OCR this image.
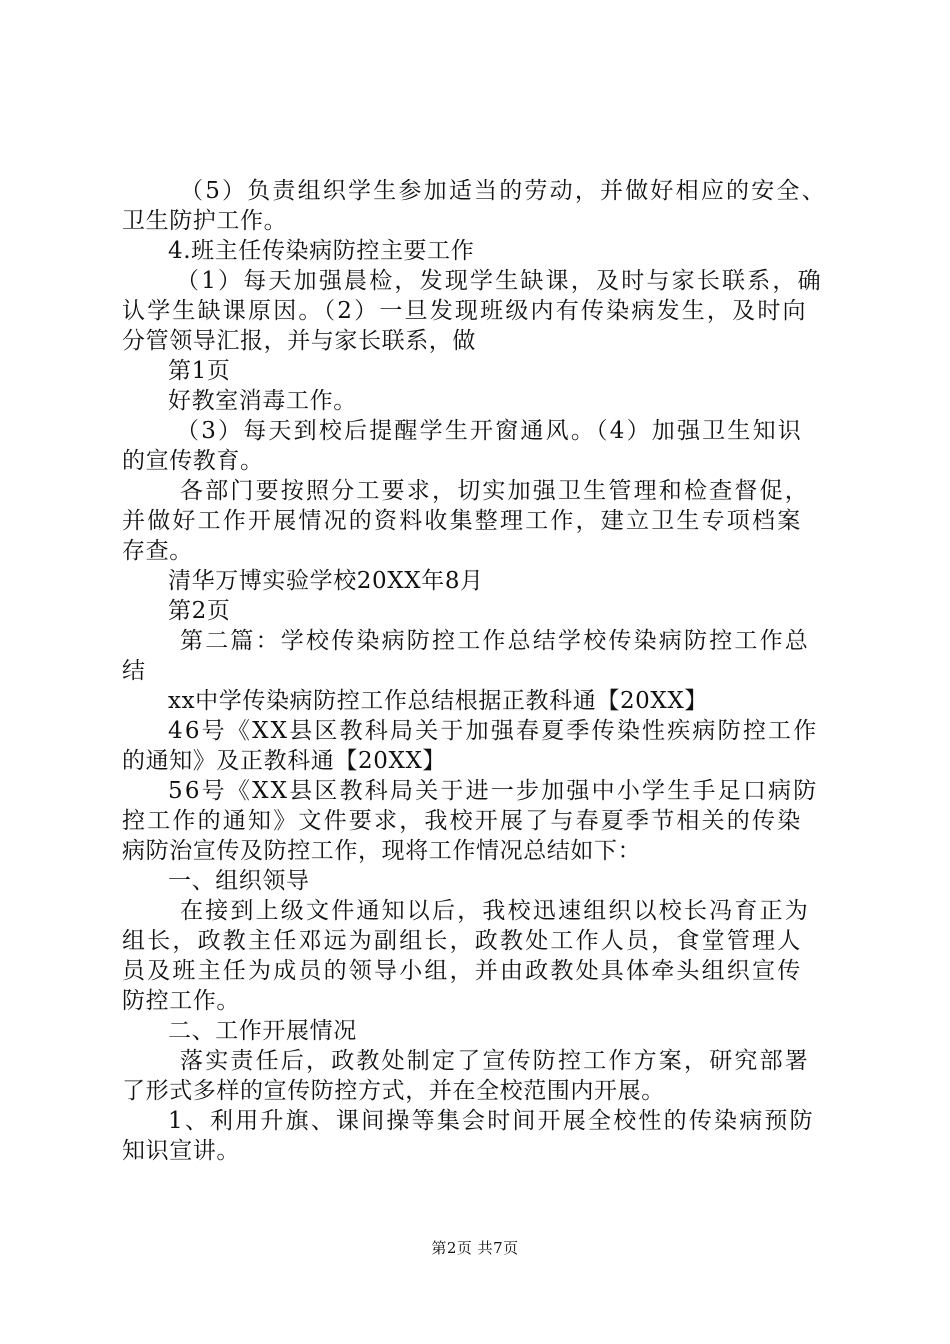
（5）负责组织学生参加适当的劳动，并做好相应的安全、
卫生防护工作。
4.班主任传染病防控主要工作
（1）每天加强晨检，发现学生缺课，及时与家长联系，确
认学生缺课原因。（2）一旦发现班级内有传染病发生，及时向
分管领导汇报，并与家长联系，做
第1页
好教室消毒工作。
（3）每天到校后提醒学生开窗通风。（4）加强卫生知识
的宣传教育。
各部门要按照分工要求，切实加强卫生管理和检查督促，
并做好工作开展情况的资料收集整理工作，建立卫生专项档案
存查。
清华万博实验学校20XX年8月
第2页
第二篇：学校传染病防控工作总结学校传染病防控工作总
结
xx中学传染病防控工作总结根据正教科通【20XX】
46号《XX县区教科局关于加强春夏季传染性疾病防控工作
的通知》及正教科通【20XX】
56号《XX县区教科局关于进一步加强中小学生手足口病防
控工作的通知》文件要求，我校开展了与春夏季节相关的传染
病防治宣传及防控工作，现将工作情况总结如下：
一、组织领导
在接到上级文件通知以后，我校迅速组织以校长冯育正为
组长，政教主任邓远为副组长，政教处工作人员，食堂管理人
员及班主任为成员的领导小组，并由政教处具体牵头组织宣传
防控工作。
二、工作开展情况
落实责任后，政教处制定了宣传防控工作方案，研究部署
了形式多样的宣传防控方式，并在全校范围内开展。
1、利用升旗、课间操等集会时间开展全校性的传染病预防
知识宣讲。
第2页 共7页
